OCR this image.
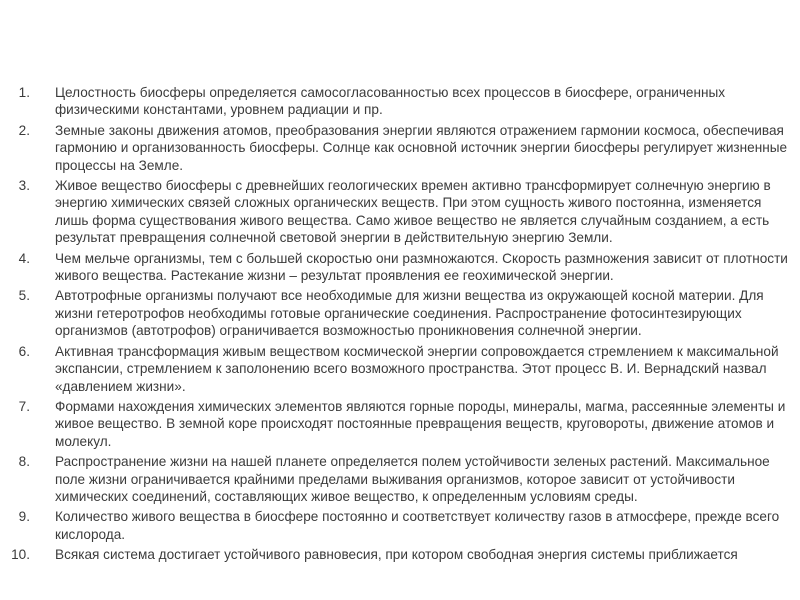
1. Целостность биосферы определяется самосогласованностью всех процессов в биосфере, ограниченных физическими константами, уровнем радиации и пр.
2. Земные законы движения атомов, преобразования энергии являются отражением гармонии космоса, обеспечивая гармонию и организованность биосферы. Солнце как основной источник энергии биосферы регулирует жизненные процессы на Земле.
3. Живое вещество биосферы с древнейших геологических времен активно трансформирует солнечную энергию в энергию химических связей сложных органических веществ. При этом сущность живого постоянна, изменяется лишь форма существования живого вещества. Само живое вещество не является случайным созданием, а есть результат превращения солнечной световой энергии в действительную энергию Земли.
4. Чем мельче организмы, тем с большей скоростью они размножаются. Скорость размножения зависит от плотности живого вещества. Растекание жизни – результат проявления ее геохимической энергии.
5. Автотрофные организмы получают все необходимые для жизни вещества из окружающей косной материи. Для жизни гетеротрофов необходимы готовые органические соединения. Распространение фотосинтезирующих организмов (автотрофов) ограничивается возможностью проникновения солнечной энергии.
6. Активная трансформация живым веществом космической энергии сопровождается стремлением к максимальной экспансии, стремлением к заполонению всего возможного пространства. Этот процесс В. И. Вернадский назвал «давлением жизни».
7. Формами нахождения химических элементов являются горные породы, минералы, магма, рассеянные элементы и живое вещество. В земной коре происходят постоянные превращения веществ, круговороты, движение атомов и молекул.
8. Распространение жизни на нашей планете определяется полем устойчивости зеленых растений. Максимальное поле жизни ограничивается крайними пределами выживания организмов, которое зависит от устойчивости химических соединений, составляющих живое вещество, к определенным условиям среды.
9. Количество живого вещества в биосфере постоянно и соответствует количеству газов в атмосфере, прежде всего кислорода.
10. Всякая система достигает устойчивого равновесия, при котором свободная энергия системы приближается
